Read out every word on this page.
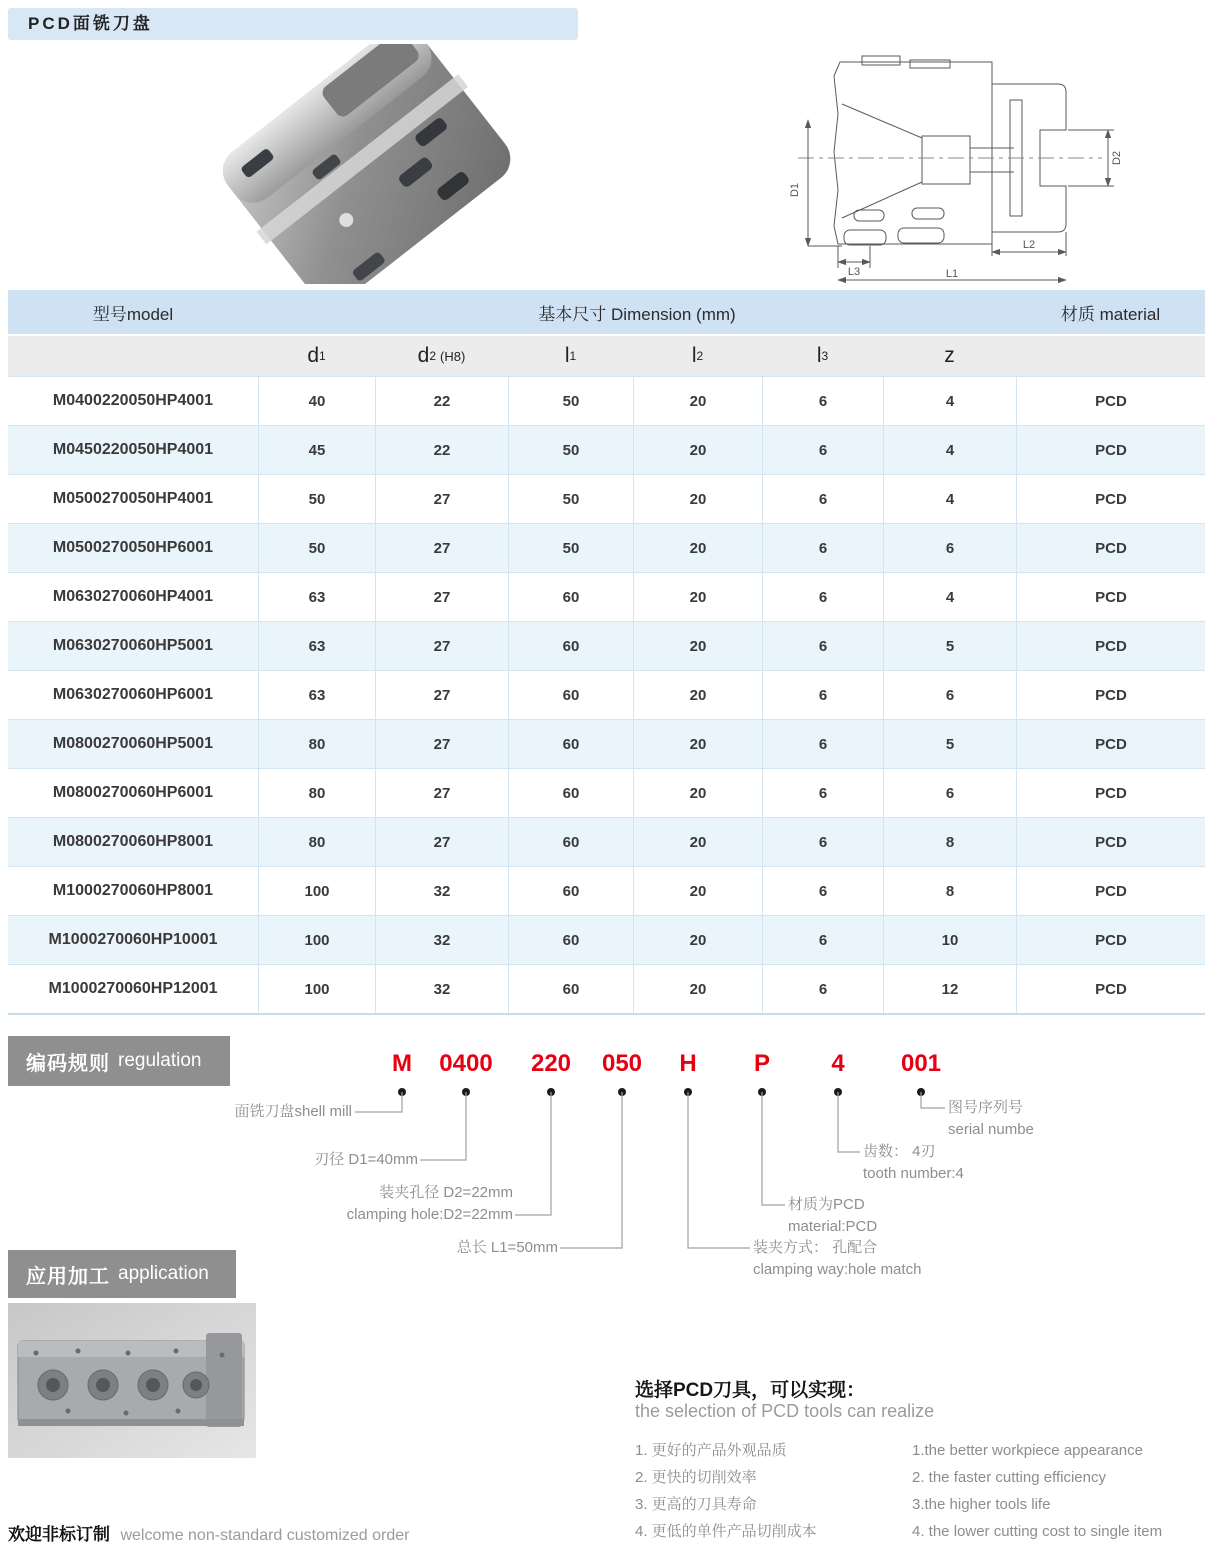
PCD面铣刀盘
D1
D2
L3
L2
L1
型号model	基本尺寸 Dimension (mm)	材质 material
d 1	d 2 (H8)	l 1	l 2	l 3	z
M0400220050HP4001	40	22	50	20	6	4	PCD
M0450220050HP4001	45	22	50	20	6	4	PCD
M0500270050HP4001	50	27	50	20	6	4	PCD
M0500270050HP6001	50	27	50	20	6	6	PCD
M0630270060HP4001	63	27	60	20	6	4	PCD
M0630270060HP5001	63	27	60	20	6	5	PCD
M0630270060HP6001	63	27	60	20	6	6	PCD
M0800270060HP5001	80	27	60	20	6	5	PCD
M0800270060HP6001	80	27	60	20	6	6	PCD
M0800270060HP8001	80	27	60	20	6	8	PCD
M1000270060HP8001	100	32	60	20	6	8	PCD
M1000270060HP10001	100	32	60	20	6	10	PCD
M1000270060HP12001	100	32	60	20	6	12	PCD
编码规则 regulation	M 0400 220 050 H P	4 001
面铣刀盘shell mill
刃径 D1=40mm
装夹孔径 D2=22mm
clamping hole:D2=22mm
总长 L1=50mm	装夹方式： 孔配合
clamping way:hole match
材质为PCD
material:PCD
齿数： 4刃
tooth number:4
图号序列号
serial numbe
应用加工 application
选择PCD刀具，可以实现：
the selection of PCD tools can realize
1. 更好的产品外观品质
2. 更快的切削效率
3. 更高的刀具寿命
4. 更低的单件产品切削成本
1.the better workpiece appearance
2. the faster cutting efficiency
3.the higher tools life
4. the lower cutting cost to single item
欢迎非标订制 welcome non-standard customized order
